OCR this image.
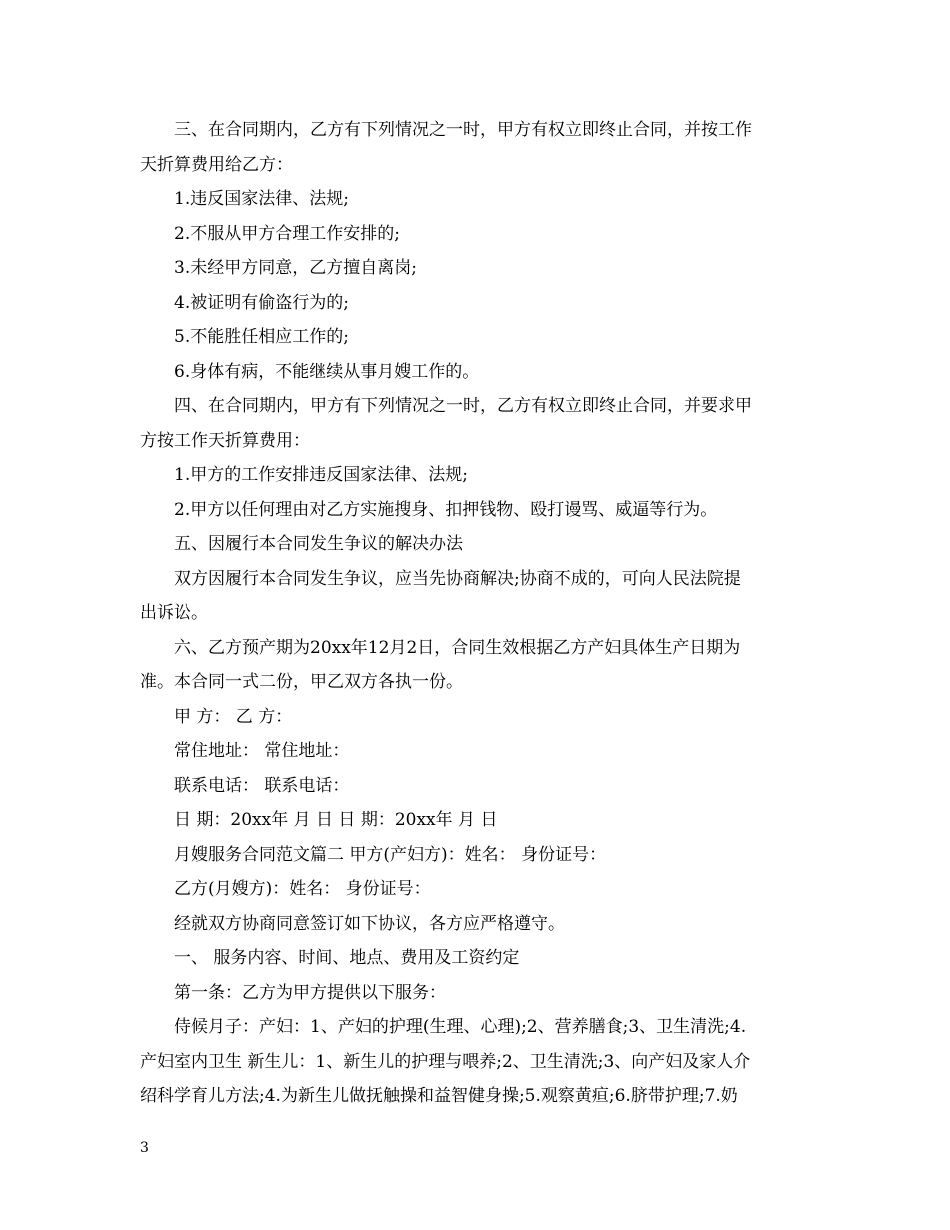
三、在合同期内，乙方有下列情况之一时，甲方有权立即终止合同，并按工作
天折算费用给乙方：
1.违反国家法律、法规;
2.不服从甲方合理工作安排的;
3.未经甲方同意，乙方擅自离岗;
4.被证明有偷盗行为的;
5.不能胜任相应工作的;
6.身体有病，不能继续从事月嫂工作的。
四、在合同期内，甲方有下列情况之一时，乙方有权立即终止合同，并要求甲
方按工作天折算费用：
1.甲方的工作安排违反国家法律、法规;
2.甲方以任何理由对乙方实施搜身、扣押钱物、殴打谩骂、威逼等行为。
五、因履行本合同发生争议的解决办法
双方因履行本合同发生争议，应当先协商解决;协商不成的，可向人民法院提
出诉讼。
六、乙方预产期为20xx年12月2日，合同生效根据乙方产妇具体生产日期为
准。本合同一式二份，甲乙双方各执一份。
甲 方： 乙 方：
常住地址： 常住地址：
联系电话： 联系电话：
日 期：20xx年 月 日 日 期：20xx年 月 日
月嫂服务合同范文篇二 甲方(产妇方)：姓名： 身份证号：
乙方(月嫂方)：姓名： 身份证号：
经就双方协商同意签订如下协议，各方应严格遵守。
一、 服务内容、时间、地点、费用及工资约定
第一条：乙方为甲方提供以下服务：
侍候月子：产妇：1、产妇的护理(生理、心理);2、营养膳食;3、卫生清洗;4.
产妇室内卫生 新生儿：1、新生儿的护理与喂养;2、卫生清洗;3、向产妇及家人介
绍科学育儿方法;4.为新生儿做抚触操和益智健身操;5.观察黄疸;6.脐带护理;7.奶
3
